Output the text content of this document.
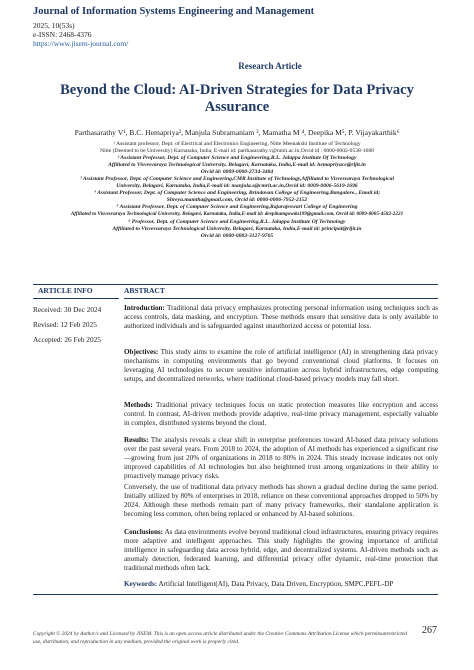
Journal of Information Systems Engineering and Management
2025, 10(53s)
e-ISSN: 2468-4376
https://www.jisem-journal.com/
Research Article
Beyond the Cloud: AI-Driven Strategies for Data Privacy Assurance
Parthasarathy V¹, B.C. Hemapriya², Manjula Subramaniam ³, Mamatha M ⁴, Deepika M⁵, P. Vijayakarthik⁶
¹ Assistant professor, Dept. of Electrical and Electronics Engineering, Nitte Meenakshi Institute of Technology
Nitte (Deemed to be University) Karnataka, India, E-mail id: parthasarathy.v@nmit.ac.in,Orcid id : 0000-0002-0538-1688
² Assistant Professor, Dept. of Computer Science and Engineering,R.L. Jalappa Institute Of Technology
Affiliated to Visvesvaraya Technological University, Belagavi, Karnataka, India,E-mail id: hemapriyace@rljit.in
Orcid id: 0009-0000-2734-3484
³ Assistant Professor, Dept. of Computer Science and Engineering,CMR Institute of Technology,Affiliated to Visvesvaraya Technological
University, Belagavi, Karnataka, India,E-mail id: manjula.s@cmrit.ac.in,Orcid id: 0009-0006-5619-1696
⁴ Assistant Professor, Dept. of Computer Science and Engineering, Brindavan College of Engineering,Bangalore., Email id;
Shreya.mamtha@gmail.com, Orcid id: 0000-0006-7952-2152
⁵ Assistant Professor, Dept. of Computer Science and Engineering,Rajarajeswari College of Engineering
Affiliated to Visvesvaraya Technological University, Belagavi, Karnataka, India,E-mail id: deepikamgowda199@gmail.com, Orcid id: 0009-0005-4582-2221
⁶ Professor, Dept. of Computer Science and Engineering,R.L. Jalappa Institute Of Technology
Affiliated to Visvesvaraya Technological University, Belagavi, Karnataka, India,E-mail id: principal@rljit.in
Orcid id: 0000-0003-3127-9705
ARTICLE INFO	ABSTRACT
Received: 30 Dec 2024
Revised: 12 Feb 2025
Accepted: 26 Feb 2025
Introduction: Traditional data privacy emphasizes protecting personal information using techniques such as access controls, data masking, and encryption. These methods ensure that sensitive data is only available to authorized individuals and is safeguarded against unauthorized access or potential loss.
Objectives: This study aims to examine the role of artificial intelligence (AI) in strengthening data privacy mechanisms in computing environments that go beyond conventional cloud platforms. It focuses on leveraging AI technologies to secure sensitive information across hybrid infrastructures, edge computing setups, and decentralized networks, where traditional cloud-based privacy models may fall short.
Methods: Traditional privacy techniques focus on static protection measures like encryption and access control. In contrast, AI-driven methods provide adaptive, real-time privacy management, especially valuable in complex, distributed systems beyond the cloud.
Results: The analysis reveals a clear shift in enterprise preferences toward AI-based data privacy solutions over the past several years. From 2018 to 2024, the adoption of AI methods has experienced a significant rise—growing from just 20% of organizations in 2018 to 80% in 2024. This steady increase indicates not only improved capabilities of AI technologies but also heightened trust among organizations in their ability to proactively manage privacy risks.
Conversely, the use of traditional data privacy methods has shown a gradual decline during the same period. Initially utilized by 80% of enterprises in 2018, reliance on these conventional approaches dropped to 50% by 2024. Although these methods remain part of many privacy frameworks, their standalone application is becoming less common, often being replaced or enhanced by AI-based solutions.
Conclusions: As data environments evolve beyond traditional cloud infrastructures, ensuring privacy requires more adaptive and intelligent approaches. This study highlights the growing importance of artificial intelligence in safeguarding data across hybrid, edge, and decentralized systems. AI-driven methods such as anomaly detection, federated learning, and differential privacy offer dynamic, real-time protection that traditional methods often lack.
Keywords: Artificial Intelligent(AI), Data Privacy, Data Driven, Encryption, SMPC,PEFL-DP
Copyright © 2024 by Author/s and Licensed by JISEM. This is an open access article distributed under the Creative Commons Attribution License which permitsunrestricted use, distribution, and reproduction in any medium, provided the original work is properly cited.
267
